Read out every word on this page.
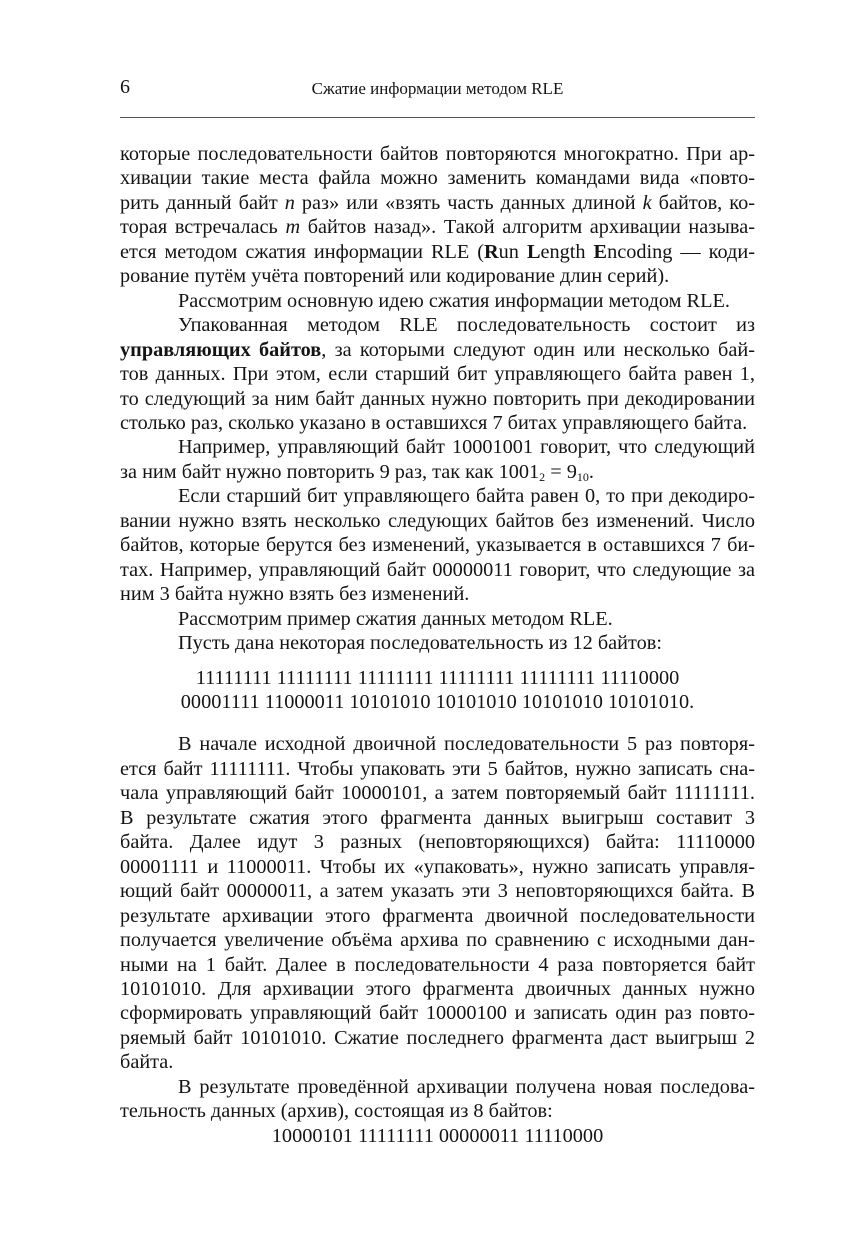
6	Сжатие информации методом RLE
которые последовательности байтов повторяются многократно. При ар-
хивации такие места файла можно заменить командами вида «повто-
рить данный байт n раз» или «взять часть данных длиной k байтов, ко-
торая встречалась m байтов назад». Такой алгоритм архивации называ-
ется методом сжатия информации RLE (Run Length Encoding — коди-
рование путём учёта повторений или кодирование длин серий).
Рассмотрим основную идею сжатия информации методом RLE.
Упакованная методом RLE последовательность состоит из
управляющих байтов, за которыми следуют один или несколько бай-
тов данных. При этом, если старший бит управляющего байта равен 1,
то следующий за ним байт данных нужно повторить при декодировании
столько раз, сколько указано в оставшихся 7 битах управляющего байта.
Например, управляющий байт 10001001 говорит, что следующий
за ним байт нужно повторить 9 раз, так как $1001_2 = 9_{10}$.
Если старший бит управляющего байта равен 0, то при декодиро-
вании нужно взять несколько следующих байтов без изменений. Число
байтов, которые берутся без изменений, указывается в оставшихся 7 би-
тах. Например, управляющий байт 00000011 говорит, что следующие за
ним 3 байта нужно взять без изменений.
Рассмотрим пример сжатия данных методом RLE.
Пусть дана некоторая последовательность из 12 байтов:
11111111 11111111 11111111 11111111 11111111 11110000
00001111 11000011 10101010 10101010 10101010 10101010.
В начале исходной двоичной последовательности 5 раз повторя-
ется байт 11111111. Чтобы упаковать эти 5 байтов, нужно записать сна-
чала управляющий байт 10000101, а затем повторяемый байт 11111111.
В результате сжатия этого фрагмента данных выигрыш составит 3
байта. Далее идут 3 разных (неповторяющихся) байта: 11110000
00001111 и 11000011. Чтобы их «упаковать», нужно записать управля-
ющий байт 00000011, а затем указать эти 3 неповторяющихся байта. В
результате архивации этого фрагмента двоичной последовательности
получается увеличение объёма архива по сравнению с исходными дан-
ными на 1 байт. Далее в последовательности 4 раза повторяется байт
10101010. Для архивации этого фрагмента двоичных данных нужно
сформировать управляющий байт 10000100 и записать один раз повто-
ряемый байт 10101010. Сжатие последнего фрагмента даст выигрыш 2
байта.
В результате проведённой архивации получена новая последова-
тельность данных (архив), состоящая из 8 байтов:
10000101 11111111 00000011 11110000
